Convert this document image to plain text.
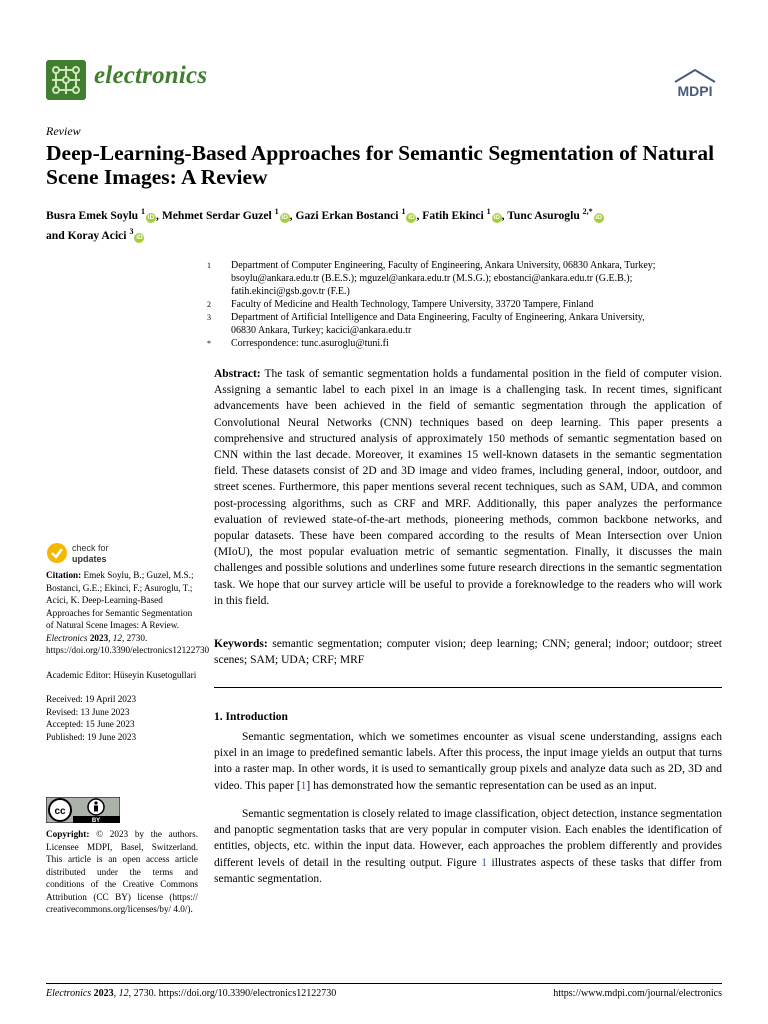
electronics
MDPI
Review
Deep-Learning-Based Approaches for Semantic Segmentation of Natural Scene Images: A Review
Busra Emek Soylu $^1$iD , Mehmet Serdar Guzel $^1$iD , Gazi Erkan Bostanci $^1$iD , Fatih Ekinci $^1$iD , Tunc Asuroglu $^{2,*}$iD
and Koray Acici $^3$iD
1	Department of Computer Engineering, Faculty of Engineering, Ankara University, 06830 Ankara, Turkey;
bsoylu@ankara.edu.tr (B.E.S.); mguzel@ankara.edu.tr (M.S.G.); ebostanci@ankara.edu.tr (G.E.B.);
fatih.ekinci@gsb.gov.tr (F.E.)
2	Faculty of Medicine and Health Technology, Tampere University, 33720 Tampere, Finland
3	Department of Artificial Intelligence and Data Engineering, Faculty of Engineering, Ankara University,
06830 Ankara, Turkey; kacici@ankara.edu.tr
*	Correspondence: tunc.asuroglu@tuni.fi
Abstract: The task of semantic segmentation holds a fundamental position in the field of computer vision. Assigning a semantic label to each pixel in an image is a challenging task. In recent times, significant advancements have been achieved in the field of semantic segmentation through the application of Convolutional Neural Networks (CNN) techniques based on deep learning. This paper presents a comprehensive and structured analysis of approximately 150 methods of semantic segmentation based on CNN within the last decade. Moreover, it examines 15 well-known datasets in the semantic segmentation field. These datasets consist of 2D and 3D image and video frames, including general, indoor, outdoor, and street scenes. Furthermore, this paper mentions several recent techniques, such as SAM, UDA, and common post-processing algorithms, such as CRF and MRF. Additionally, this paper analyzes the performance evaluation of reviewed state-of-the-art methods, pioneering methods, common backbone networks, and popular datasets. These have been compared according to the results of Mean Intersection over Union (MIoU), the most popular evaluation metric of semantic segmentation. Finally, it discusses the main challenges and possible solutions and underlines some future research directions in the semantic segmentation task. We hope that our survey article will be useful to provide a foreknowledge to the readers who will work in this field.
Keywords: semantic segmentation; computer vision; deep learning; CNN; general; indoor; outdoor; street scenes; SAM; UDA; CRF; MRF
1. Introduction
Semantic segmentation, which we sometimes encounter as visual scene understanding, assigns each pixel in an image to predefined semantic labels. After this process, the input image yields an output that turns into a raster map. In other words, it is used to semantically group pixels and analyze data such as 2D, 3D and video. This paper [1] has demonstrated how the semantic representation can be used as an input.
Semantic segmentation is closely related to image classification, object detection, instance segmentation and panoptic segmentation tasks that are very popular in computer vision. Each enables the identification of entities, objects, etc. within the input data. However, each approaches the problem differently and provides different levels of detail in the resulting output. Figure 1 illustrates aspects of these tasks that differ from semantic segmentation.
check for
updates
Citation: Emek Soylu, B.; Guzel, M.S.; Bostanci, G.E.; Ekinci, F.; Asuroglu, T.; Acici, K. Deep-Learning-Based Approaches for Semantic Segmentation of Natural Scene Images: A Review. Electronics 2023, 12, 2730. https://doi.org/10.3390/electronics12122730
Academic Editor: Hüseyin Kusetogullari
Received: 19 April 2023
Revised: 13 June 2023
Accepted: 15 June 2023
Published: 19 June 2023
cc
BY
Copyright: © 2023 by the authors. Licensee MDPI, Basel, Switzerland. This article is an open access article distributed under the terms and conditions of the Creative Commons Attribution (CC BY) license (https:// creativecommons.org/licenses/by/ 4.0/).
Electronics 2023, 12, 2730. https://doi.org/10.3390/electronics12122730	https://www.mdpi.com/journal/electronics
